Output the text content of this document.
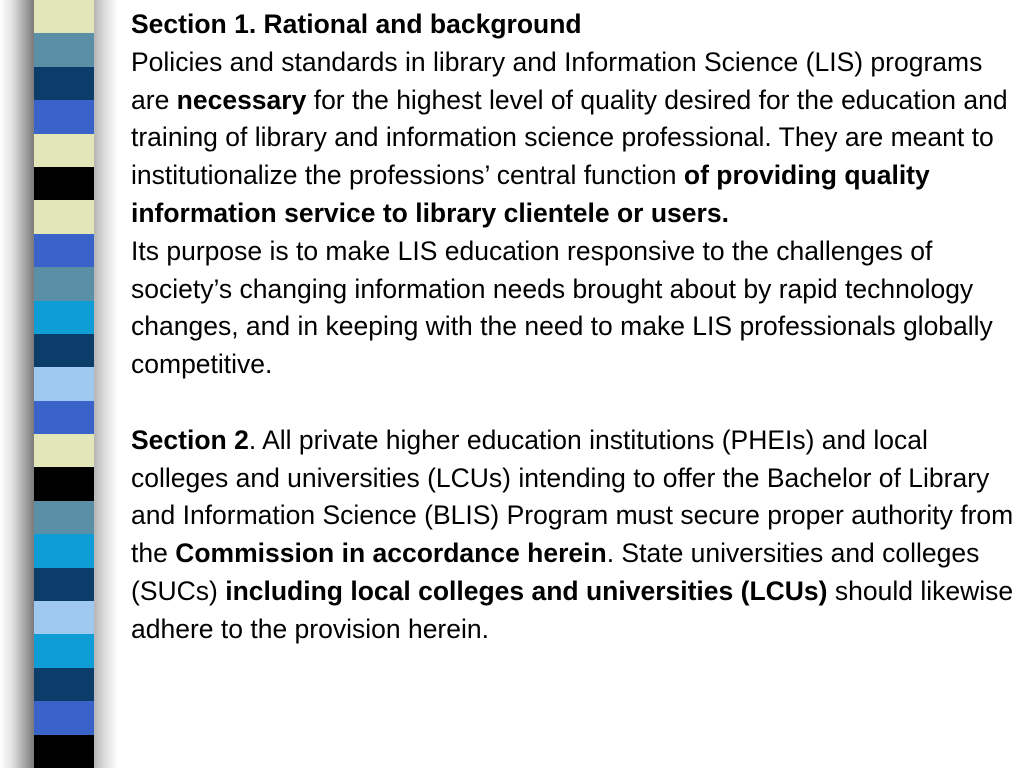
Section 1. Rational and background
Policies and standards in library and Information Science (LIS) programs are necessary for the highest level of quality desired for the education and training of library and information science professional. They are meant to institutionalize the professions’ central function of providing quality information service to library clientele or users.
Its purpose is to make LIS education responsive to the challenges of society’s changing information needs brought about by rapid technology changes, and in keeping with the need to make LIS professionals globally competitive.

Section 2. All private higher education institutions (PHEIs) and local colleges and universities (LCUs) intending to offer the Bachelor of Library and Information Science (BLIS) Program must secure proper authority from the Commission in accordance herein. State universities and colleges (SUCs) including local colleges and universities (LCUs) should likewise adhere to the provision herein.
